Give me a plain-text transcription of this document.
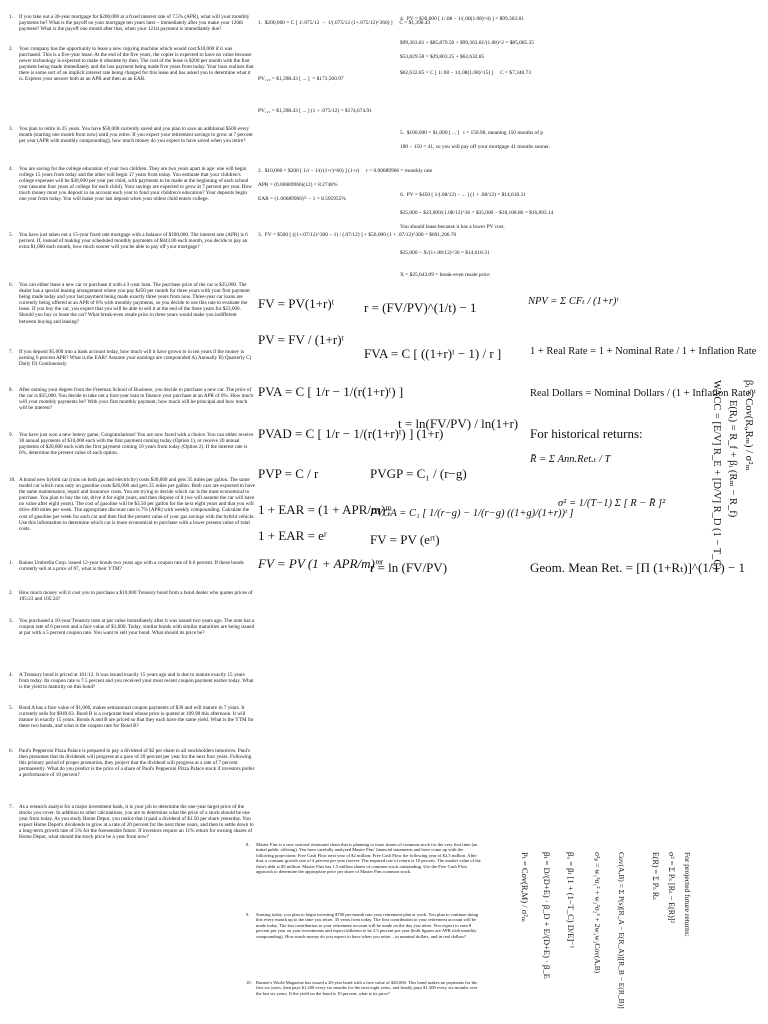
1. If you take out a 30-year mortgage for $200,000 at a fixed interest rate of 7.5% (APR), what will your monthly payments be? What is the payoff on your mortgage ten years later – immediately after you make your 120th payment? What is the payoff one month after that, when your 121st payment is immediately due?
2. Your company has the opportunity to lease a new copying machine which would cost $10,000 if it was purchased. This is a five-year lease. At the end of the five years, the copier is expected to have no value because newer technology is expected to make it obsolete by then. The cost of the lease is $200 per month with the first payment being made immediately and the last payment being made five years from today. Your boss realizes that there is some sort of an implicit interest rate being charged for this lease and has asked you to determine what it is. Express your answer both as an APR and then as an EAR.
3. You plan to retire in 25 years. You have $50,000 currently saved and you plan to save an additional $500 every month (starting one month from now) until you retire. If you expect your retirement savings to grow at 7 percent per year (APR with monthly compounding), how much money do you expect to have saved when you retire?
4. You are saving for the college education of your two children. They are two years apart in age: one will begin college 15 years from today and the other will begin 17 years from today. You estimate that your children's college expenses will be $30,000 per year per child, with payments to be made at the beginning of each school year (assume four years of college for each child). Your savings are expected to grow at 7 percent per year. How much money must you deposit in an account each year to fund your children's education? Your deposits begin one year from today. You will make your last deposit when your oldest child enters college.
5. You have just taken out a 15-year fixed rate mortgage with a balance of $100,000. The interest rate (APR) is 6 percent. If, instead of making your scheduled monthly payments of $843.86 each month, you decide to pay an extra $1,000 each month, how much sooner will you be able to pay off your mortgage?
6. You can either lease a new car or purchase it with a 3-year loan. The purchase price of the car is $35,000. The dealer has a special leasing arrangement where you pay $450 per month for three years with your first payment being made today and your last payment being made exactly three years from now. Three-year car loans are currently being offered at an APR of 8% with monthly payments, so you decide to use this rate to evaluate the lease. If you buy the car, you expect that you will be able to sell it at the end of the three years for $23,000. Should you buy or lease the car? What break-even resale price in three years would make you indifferent between buying and leasing?
7. If you deposit $5,000 into a bank account today, how much will it have grown to in ten years if the money is earning 6 percent APR? What is the EAR? Assume your earnings are compounded A) Annually B) Quarterly C) Daily D) Continuously
8. After earning your degree from the Freeman School of Business, you decide to purchase a new car. The price of the car is $35,000. You decide to take out a four-year loan to finance your purchase at an APR of 6%. How much will your monthly payments be? With your first monthly payment, how much will be principal and how much will be interest?
9. You have just won a new lottery game, Congratulations! You are now faced with a choice. You can either receive 30 annual payments of $10,000 each with the first payment coming today (Option 1), or receive 20 annual payments of $20,000 each with the first payment coming 10 years from today (Option 2). If the interest rate is 6%, determine the present value of each option.
10. A brand new hybrid car (runs on both gas and electricity) costs $30,000 and gets 35 miles per gallon. The same model car which runs only on gasoline costs $26,000 and gets 25 miles per gallon. Both cars are expected to have the same maintenance, repair and insurance costs. You are trying to decide which car is the most economical to purchase. You plan to buy the car, drive it for eight years, and then dispose of it (we will assume the car will have no value after eight years). The cost of gasoline will be $3.50 per gallon for the next eight years and that you will drive 400 miles per week. The appropriate discount rate is 7% (APR) with weekly compounding. Calculate the cost of gasoline per week for each car and then find the present value of your gas savings with the hybrid vehicle. Use this information to determine which car is more economical to purchase with a lower present value of total costs.
1. Raines Umbrella Corp. issued 12-year bonds two years ago with a coupon rate of 8.6 percent. If these bonds currently sell at a price of 97, what is their YTM?
2. How much money will it cost you to purchase a $10,000 Treasury bond from a bond dealer who quotes prices of 105:23 and 105:24?
3. You purchased a 10-year Treasury note at par value immediately after it was issued two years ago. The note has a coupon rate of 6 percent and a face value of $1,000. Today, similar bonds with similar maturities are being issued at par with a 5 percent coupon rate. You want to sell your bond. What should its price be?
4. A Treasury bond is priced at 101:12. It was issued exactly 15 years ago and is due to mature exactly 15 years from today. Its coupon rate is 7.5 percent and you received your most recent coupon payment earlier today. What is the yield to maturity on this bond?
5. Bond A has a face value of $1,000, makes semiannual coupon payments of $30 and will mature in 7 years. It currently sells for $949.63. Bond B is a corporate bond whose price is quoted at 109.98 this afternoon. It will mature in exactly 15 years. Bonds A and B are priced so that they each have the same yield. What is the YTM for these two bonds, and what is the coupon rate for Bond B?
6. Paul's Pepperoni Pizza Palace is prepared to pay a dividend of $2 per share to all stockholders tomorrow. Paul's then presumes that its dividends will progress at a pace of 20 percent per year for the next four years. Following this primary period of proper promotion, they project that the dividend will progress at a rate of 7 percent permanently. What do you predict is the price of a share of Paul's Pepperoni Pizza Palace stock if investors prefer a performance of 10 percent?
7. As a research analyst for a major investment bank, it is your job to determine the one-year target price of the stocks you cover. In addition to other calculations, you are to determine what the price of a stock should be one year from today. As you study Home Depot, you notice that it paid a dividend of $1.50 per share yesterday. You expect Home Depot's dividends to grow at a rate of 20 percent for the next three years, and then to settle down to a long-term growth rate of 5% for the foreseeable future. If investors require an 11% return for owning shares of Home Depot, what should the stock price be a year from now?
1.  $200,000 = C [ 1/.075/12  −  1/(.075/12 (1+.075/12)^360) ]     C = $1,398.43
PV₁₂₀ = $1,398.43 [ ... ]  = $173,500.97
PV₁₂₁ = $1,398.43 [ ... ] (1 + .075/12) = $174,674.91
2.  $10,000 = $200 [ 1/r − 1/(r(1+r)^60) ] (1+r)     r = 0.00689966 = monthly rate
APR = (0.00689966)(12) = 8.2748%
EAR = (1.00689966)¹² − 1 = 8.595955%
3.  FV = $500 [ ((1+.07/12)^300 − 1) / (.07/12) ] + $50,000 (1 + .07/12)^300 = $691,206.76
4.  PV = $30,000 [ 1/.08 − 1/(.08(1.08)^4) ] = $99,363.81
$99,363.81 + $85,879.50 + $99,363.81/(1.08)^2 = $85,085.35
$53,829.58 = $29,803.25 + $62,632.85
$62,632.85 = C [ 1/.08 − 1/(.08(1.08)^15) ]     C = $7,340.73
5.  $100,000 = $1,000 [ ... ]   t = 150.98, meaning 150 months of p
180 − 150 = 41, so you will pay off your mortgage 41 months sooner.
6.  PV = $450 [ 1/(.08/12) − ... ] (1 + .08/12) = $14,618.31
$35,000 − $23,000/(1.08/12)^36 = $35,000 − $18,108.86 = $16,893.14
You should lease because it has a lower PV cost.
$35,000 − X/(1+.08/12)^36 = $14,618.31
X = $25,643.09 = break-even resale price
FV = PV(1+r)ᵗ r = (FV/PV)^(1/t) − 1	NPV = Σ CFₜ / (1+r)ᵗ
PV = FV / (1+r)ᵗ
FVA = C [ ((1+r)ᵗ − 1) / r ]	1 + Real Rate = 1 + Nominal Rate / 1 + Inflation Rate
PVA = C [ 1/r − 1/(r(1+r)ᵗ) ]	Real Dollars = Nominal Dollars / (1 + Inflation Rate)ᵗ
PVAD = C [ 1/r − 1/(r(1+r)ᵗ) ] (1+r)
t = ln(FV/PV) / ln(1+r)
For historical returns:
PVP = C / r	PVGP = C₁ / (r−g)
R̄ = Σ Ann.Ret.ₜ / T
1 + EAR = (1 + APR/m)ᵐ
PVGA = C₁ [ 1/(r−g) − 1/(r−g) ((1+g)/(1+r))ᵗ ]
σ² = 1/(T−1) Σ [ R − R̄ ]²
1 + EAR = eʳ	FV = PV (eʳᵗ)
FV = PV (1 + APR/m)ᵐᵗ
r = ln (FV/PV)	Geom. Mean Ret. = [Π (1+Rₜ)]^(1/T) − 1
βᵢ = Cov(Rᵢ,Rₘ) / σ²ₘ
E(Rᵢ) = R_f + βᵢ (Rₘ − R_f)
WACC = [E/V] R_E + [D/V] R_D (1 − T_C)
8. Master Fins is a new seafood restaurant chain that is planning to issue shares of common stock for the very first time (an initial public offering). You have carefully analyzed Master Fins' financial statements and have come up with the following projections: Free Cash Flow next year of $2 million; Free Cash Flow the following year of $2.5 million. After that, a constant growth rate of 4 percent per year forever. The required rate of return is 10 percent. The market value of the firm's debt is $5 million. Master Fins has 1.5 million shares of common stock outstanding. Use the Free Cash Flow approach to determine the appropriate price per share of Master Fins common stock.
9. Starting today, you plan to begin investing $700 per month into your retirement plan at work. You plan to continue doing this every month up to the time you retire, 35 years from today. The first contribution to your retirement account will be made today. The last contribution to your retirement account will be made on the day you retire. You expect to earn 8 percent per year on your investments and expect inflation to be 2.5 percent per year (both figures are APR with monthly compounding). How much money do you expect to have when you retire – in nominal dollars, and in real dollars?
10. Runner's World Magazine has issued a 20-year bond with a face value of $20,000. This bond makes no payments for the first six years, then pays $1,200 every six months for the next eight years, and finally pays $1,500 every six months over the last six years. If the yield on the bond is 10 percent, what is its price?
Pₜ = Cov(R,M) / σ²ₘ βₜ = D/(D+E) · β_D + E/(D+E) · β_E βᵤ = βₗ [1 + (1−T_C) D/E]⁻¹ σ²ₚ = w₁²σ₁² + w₂²σ₂² + 2w₁w₂Cov(A,B) Cov(A,B) = Σ P(s)[R_A − E(R_A)][R_B − E(R_B)]	E(R) = Σ Pₛ Rₛ σ² = Σ Pₛ [Rₛ − E(R)]² For projected future returns:
